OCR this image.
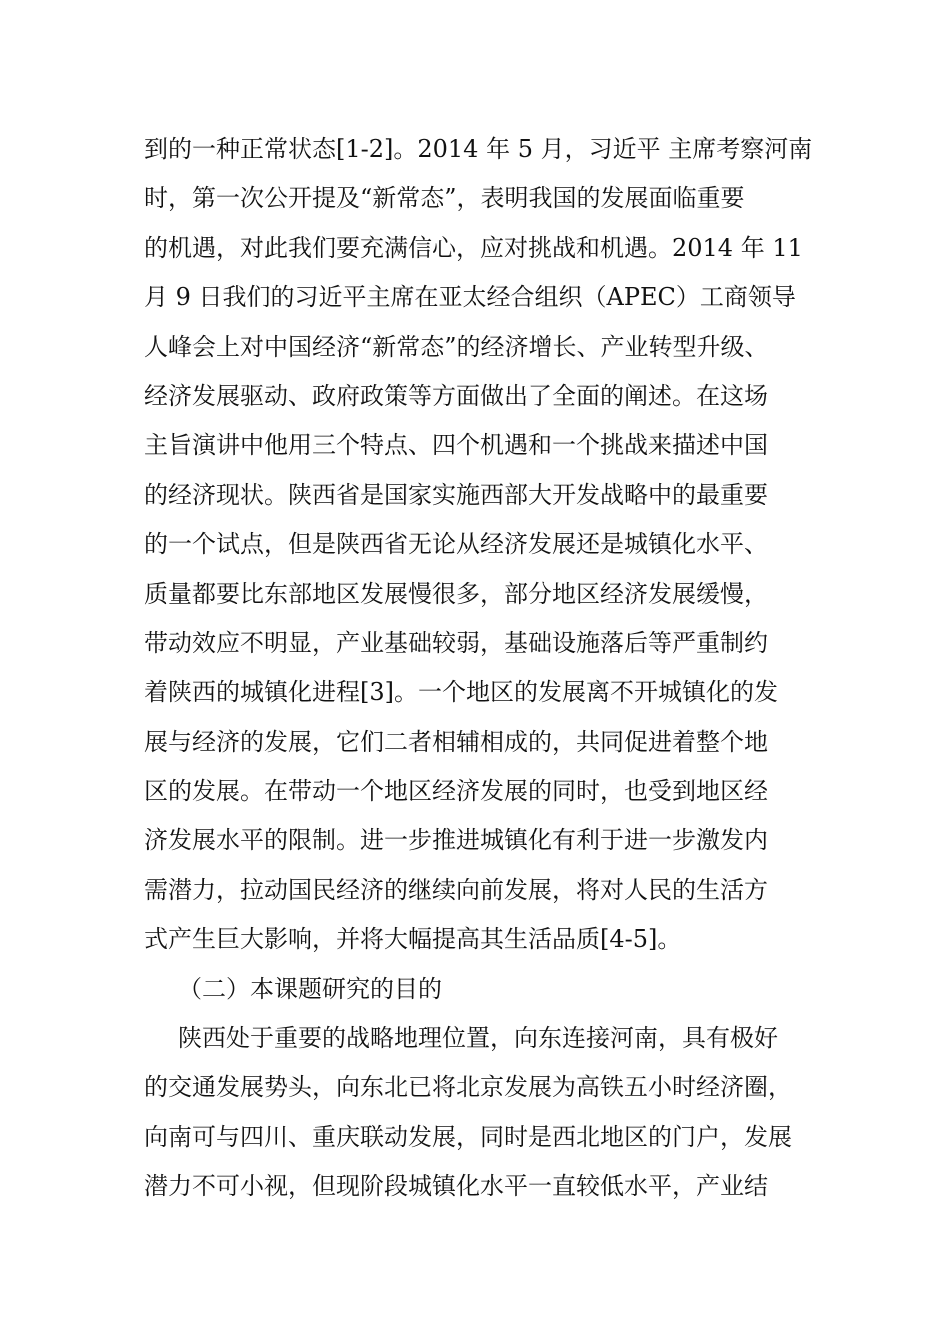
到的一种正常状态[1-2]。2014 年 5 月，习近平 主席考察河南
时，第一次公开提及“新常态”，表明我国的发展面临重要
的机遇，对此我们要充满信心，应对挑战和机遇。2014 年 11
月 9 日我们的习近平主席在亚太经合组织（APEC）工商领导
人峰会上对中国经济“新常态”的经济增长、产业转型升级、
经济发展驱动、政府政策等方面做出了全面的阐述。在这场
主旨演讲中他用三个特点、四个机遇和一个挑战来描述中国
的经济现状。陕西省是国家实施西部大开发战略中的最重要
的一个试点，但是陕西省无论从经济发展还是城镇化水平、
质量都要比东部地区发展慢很多，部分地区经济发展缓慢，
带动效应不明显，产业基础较弱，基础设施落后等严重制约
着陕西的城镇化进程[3]。一个地区的发展离不开城镇化的发
展与经济的发展，它们二者相辅相成的，共同促进着整个地
区的发展。在带动一个地区经济发展的同时，也受到地区经
济发展水平的限制。进一步推进城镇化有利于进一步激发内
需潜力，拉动国民经济的继续向前发展，将对人民的生活方
式产生巨大影响，并将大幅提高其生活品质[4-5]。
（二）本课题研究的目的
陕西处于重要的战略地理位置，向东连接河南，具有极好
的交通发展势头，向东北已将北京发展为高铁五小时经济圈，
向南可与四川、重庆联动发展，同时是西北地区的门户，发展
潜力不可小视，但现阶段城镇化水平一直较低水平，产业结
